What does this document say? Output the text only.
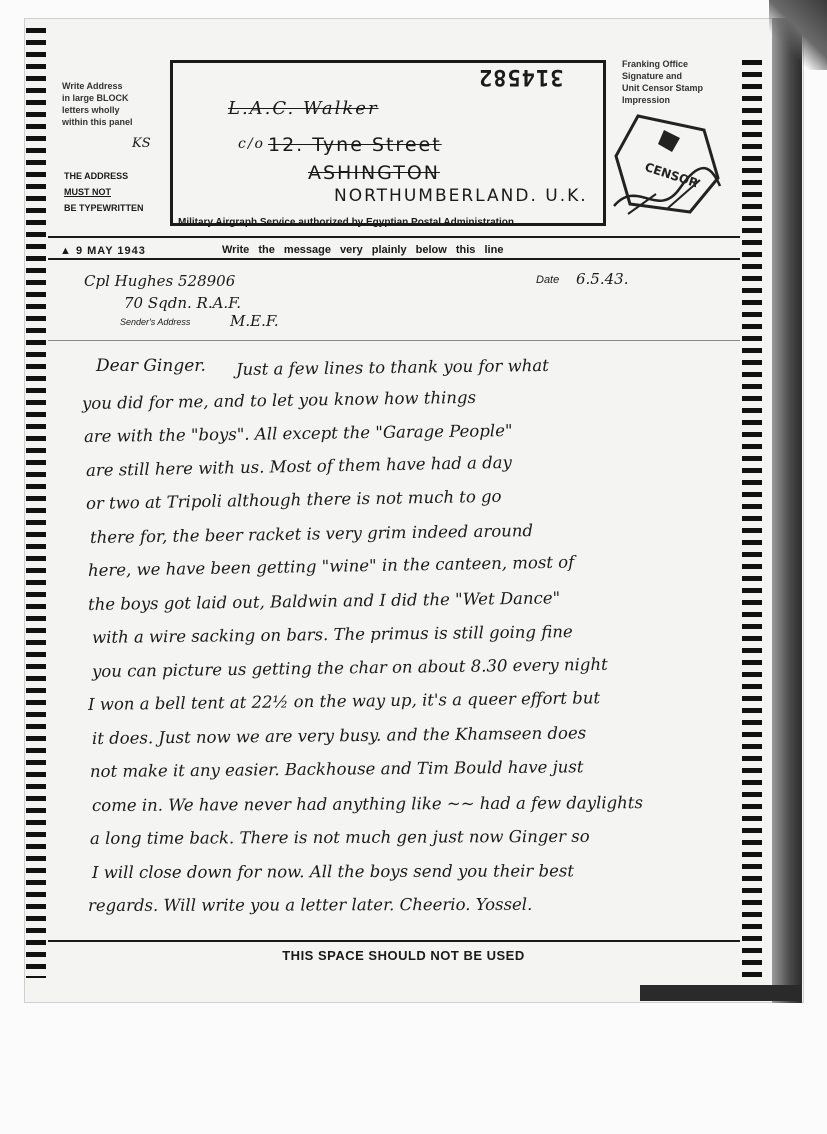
Write Address
in large BLOCK
letters wholly
within this panel
KS
THE ADDRESS
MUST NOT
BE TYPEWRITTEN
314582
L.A.C. Walker
c/o 12. Tyne Street
ASHINGTON
NORTHUMBERLAND. U.K.
Franking Office
Signature and
Unit Censor Stamp
Impression
CENSOR
Military Airgraph Service authorized by Egyptian Postal Administration
▲ 9 MAY 1943	Write the message very plainly below this line
Cpl Hughes 528906
70 Sqdn. R.A.F.
M.E.F.
Sender's Address
Date 6.5.43.
Dear Ginger. Just a few lines to thank you for what
you did for me, and to let you know how things
are with the "boys". All except the "Garage People"
are still here with us. Most of them have had a day
or two at Tripoli although there is not much to go
there for, the beer racket is very grim indeed around
here, we have been getting "wine" in the canteen, most of
the boys got laid out, Baldwin and I did the "Wet Dance"
with a wire sacking on bars. The primus is still going fine
you can picture us getting the char on about 8.30 every night
I won a bell tent at 22½ on the way up, it's a queer effort but
it does. Just now we are very busy. and the Khamseen does
not make it any easier. Backhouse and Tim Bould have just
come in. We have never had anything like ~~ had a few daylights
a long time back. There is not much gen just now Ginger so
I will close down for now. All the boys send you their best
regards. Will write you a letter later. Cheerio. Yossel.
THIS SPACE SHOULD NOT BE USED
